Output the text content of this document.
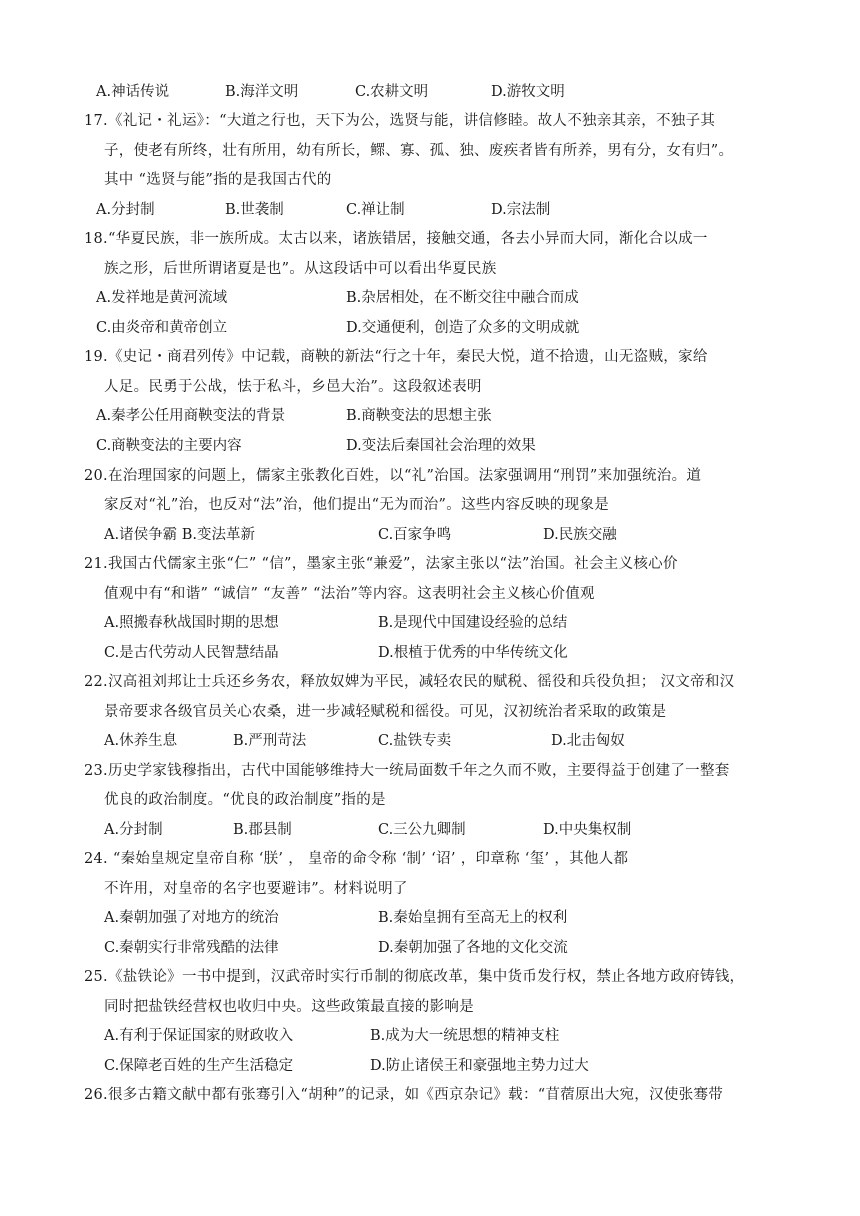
A.神话传说	B.海洋文明	C.农耕文明	D.游牧文明
17.《礼记・礼运》：“大道之行也，天下为公，选贤与能，讲信修睦。故人不独亲其亲，不独子其
子，使老有所终，壮有所用，幼有所长，鳏、寡、孤、独、废疾者皆有所养，男有分，女有归”。
其中 “选贤与能”指的是我国古代的
A.分封制	B.世袭制	C.禅让制	D.宗法制
18.“华夏民族，非一族所成。太古以来，诸族错居，接触交通，各去小异而大同，渐化合以成一
族之形，后世所谓诸夏是也”。从这段话中可以看出华夏民族
A.发祥地是黄河流域	B.杂居相处，在不断交往中融合而成
C.由炎帝和黄帝创立	D.交通便利，创造了众多的文明成就
19.《史记・商君列传》中记载，商鞅的新法“行之十年，秦民大悦，道不拾遗，山无盗贼，家给
人足。民勇于公战，怯于私斗，乡邑大治”。这段叙述表明
A.秦孝公任用商鞅变法的背景	B.商鞅变法的思想主张
C.商鞅变法的主要内容	D.变法后秦国社会治理的效果
20.在治理国家的问题上，儒家主张教化百姓，以“礼”治国。法家强调用“刑罚”来加强统治。道
家反对“礼”治，也反对“法”治，他们提出“无为而治”。这些内容反映的现象是
A.诸侯争霸 B.变法革新	C.百家争鸣	D.民族交融
21.我国古代儒家主张“仁” “信”，墨家主张“兼爱”，法家主张以“法”治国。社会主义核心价
值观中有“和谐” “诚信” “友善” “法治”等内容。这表明社会主义核心价值观
A.照搬春秋战国时期的思想	B.是现代中国建设经验的总结
C.是古代劳动人民智慧结晶	D.根植于优秀的中华传统文化
22.汉高祖刘邦让士兵还乡务农，释放奴婢为平民，减轻农民的赋税、徭役和兵役负担； 汉文帝和汉
景帝要求各级官员关心农桑，进一步减轻赋税和徭役。可见，汉初统治者采取的政策是
A.休养生息	B.严刑苛法	C.盐铁专卖	D.北击匈奴
23.历史学家钱穆指出，古代中国能够维持大一统局面数千年之久而不败，主要得益于创建了一整套
优良的政治制度。“优良的政治制度”指的是
A.分封制	B.郡县制	C.三公九卿制	D.中央集权制
24. “秦始皇规定皇帝自称 ‘朕’ ， 皇帝的命令称 ‘制’ ‘诏’ ，印章称 ‘玺’ ，其他人都
不许用，对皇帝的名字也要避讳”。材料说明了
A.秦朝加强了对地方的统治	B.秦始皇拥有至高无上的权利
C.秦朝实行非常残酷的法律	D.秦朝加强了各地的文化交流
25.《盐铁论》一书中提到，汉武帝时实行币制的彻底改革，集中货币发行权，禁止各地方政府铸钱，
同时把盐铁经营权也收归中央。这些政策最直接的影响是
A.有利于保证国家的财政收入	B.成为大一统思想的精神支柱
C.保障老百姓的生产生活稳定	D.防止诸侯王和豪强地主势力过大
26.很多古籍文献中都有张骞引入“胡种”的记录，如《西京杂记》载：“苜蓿原出大宛，汉使张骞带
